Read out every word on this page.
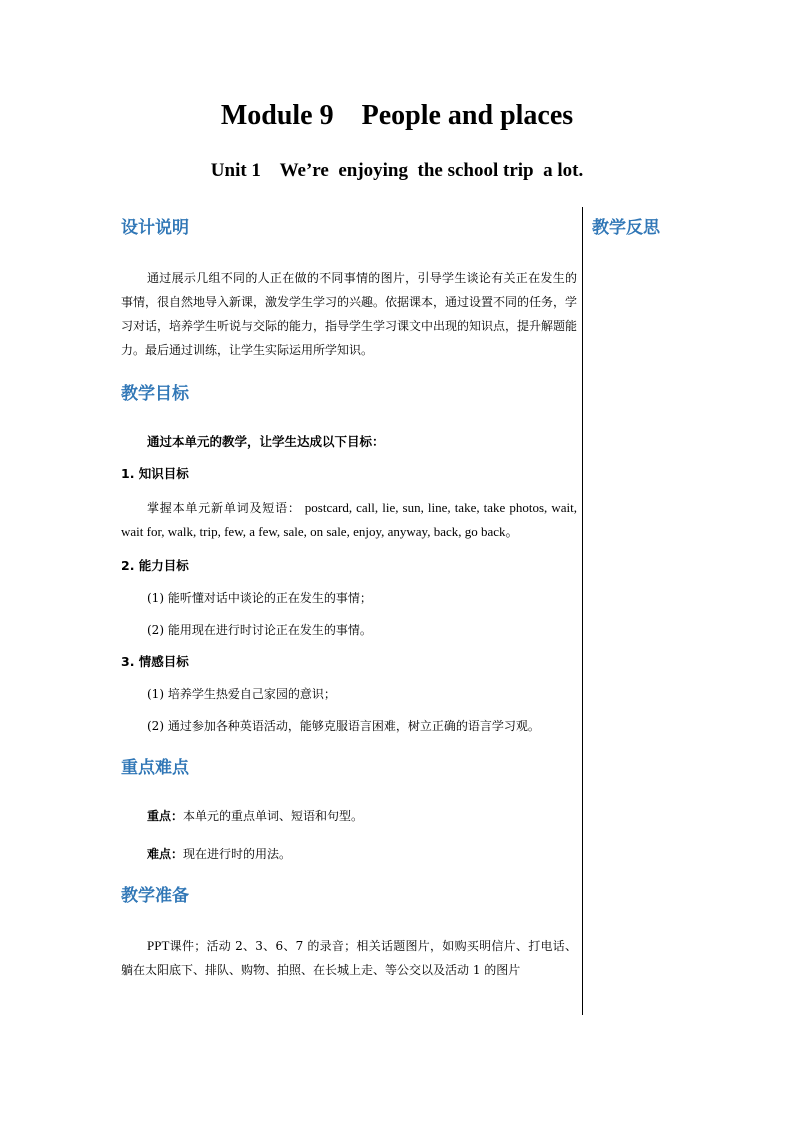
Module 9    People and places
Unit 1    We’re  enjoying  the school trip  a lot.
教学反思
设计说明

通过展示几组不同的人正在做的不同事情的图片，引导学生谈论有关正在发生的事情，很自然地导入新课，激发学生学习的兴趣。依据课本，通过设置不同的任务，学习对话，培养学生听说与交际的能力，指导学生学习课文中出现的知识点，提升解题能力。最后通过训练，让学生实际运用所学知识。

教学目标

通过本单元的教学，让学生达成以下目标：

1. 知识目标

掌握本单元新单词及短语： postcard, call, lie, sun, line, take, take photos, wait, wait for, walk, trip, few, a few, sale, on sale, enjoy, anyway, back, go back。

2. 能力目标

(1) 能听懂对话中谈论的正在发生的事情；

(2) 能用现在进行时讨论正在发生的事情。

3. 情感目标

(1) 培养学生热爱自己家园的意识；

(2) 通过参加各种英语活动，能够克服语言困难，树立正确的语言学习观。

重点难点

重点：本单元的重点单词、短语和句型。

难点：现在进行时的用法。

教学准备

PPT课件；活动 2、3、6、7 的录音；相关话题图片，如购买明信片、打电话、躺在太阳底下、排队、购物、拍照、在长城上走、等公交以及活动 1 的图片
